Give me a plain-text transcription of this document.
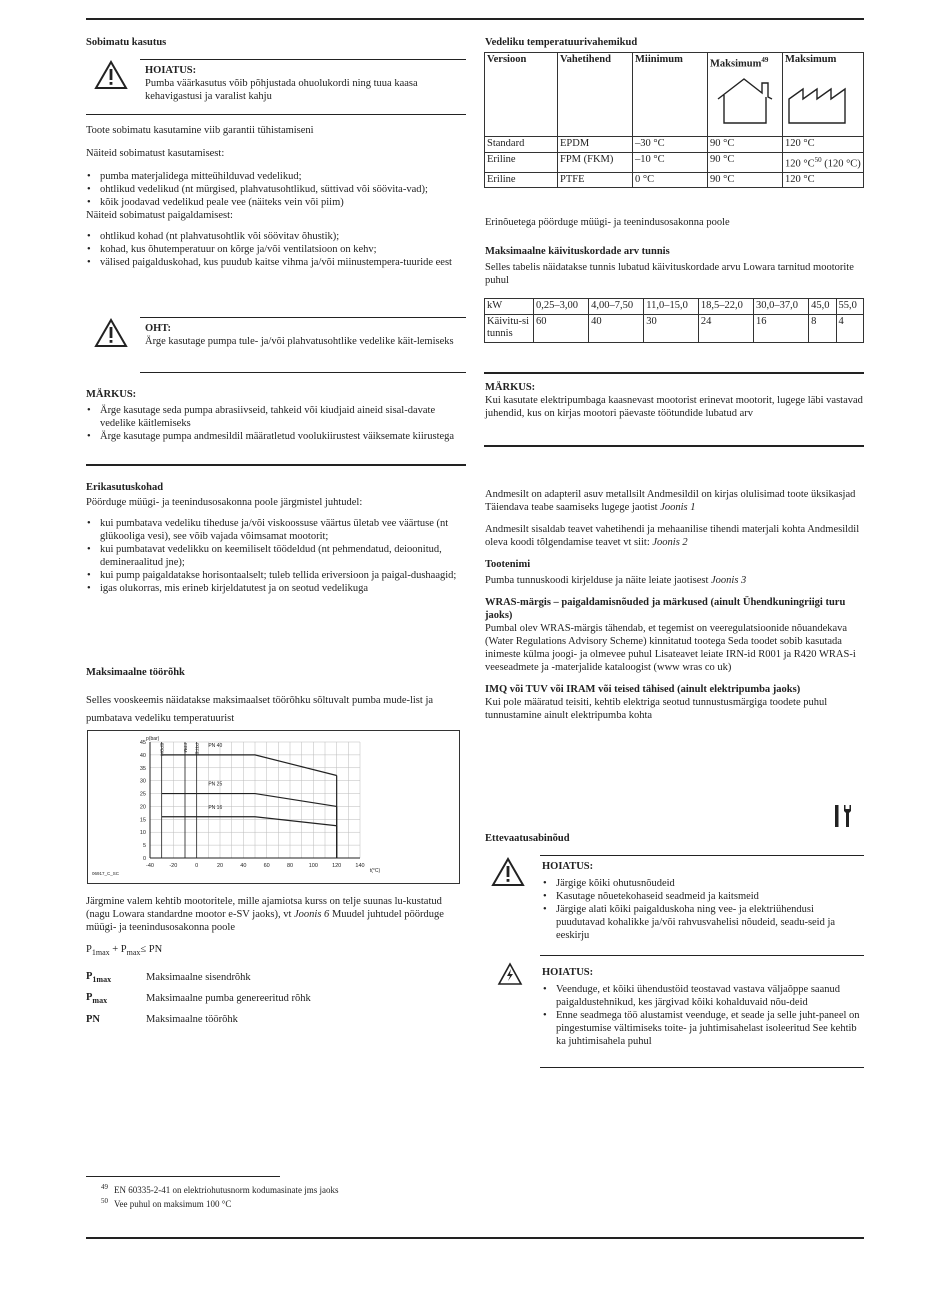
Sobimatu kasutus
HOIATUS:

Pumba väärkasutus võib põhjustada ohuolukordi ning tuua kaasa kehavigastusi ja varalist kahju

Toote sobimatu kasutamine viib garantii tühistamiseni

Näiteid sobimatust kasutamisest:

• pumba materjalidega mitteühilduvad vedelikud;
• ohtlikud vedelikud (nt mürgised, plahvatusohtlikud, süttivad või söövita-vad);
• kõik joodavad vedelikud peale vee (näiteks vein või piim)

Näiteid sobimatust paigaldamisest:

• ohtlikud kohad (nt plahvatusohtlik või söövitav õhustik);
• kohad, kus õhutemperatuur on kõrge ja/või ventilatsioon on kehv;
• välised paigalduskohad, kus puudub kaitse vihma ja/või miinustempera-tuuride eest
OHT:

Ärge kasutage pumpa tule- ja/või plahvatusohtlike vedelike käit-lemiseks

MÄRKUS:
• Ärge kasutage seda pumpa abrasiivseid, tahkeid või kiudjaid aineid sisal-davate vedelike käitlemiseks
• Ärge kasutage pumpa andmesildil määratletud voolukiirustest väiksemate kiirustega
Erikasutuskohad

Pöörduge müügi- ja teenindusosakonna poole järgmistel juhtudel:

• kui pumbatava vedeliku tiheduse ja/või viskoossuse väärtus ületab vee väärtuse (nt glükooliga vesi), see võib vajada võimsamat mootorit;
• kui pumbatavat vedelikku on keemiliselt töödeldud (nt pehmendatud, deioonitud, demineraalitud jne);
• kui pump paigaldatakse horisontaalselt; tuleb tellida eriversioon ja paigal-dushaagid;
• igas olukorras, mis erineb kirjeldatutest ja on seotud vedelikuga
Maksimaalne töörõhk

Selles vooskeemis näidatakse maksimaalset töörõhku sõltuvalt pumba mude-list ja pumbatava vedeliku temperatuurist

-40	-20	0	20	40	60	80	100	120	140
0
5
10
15
20
25
30
35
40
45
p(bar)
t(°C)
06917_C_SC
EPDM	FPM PTFE PN 40
PN 25
PN 16

Järgmine valem kehtib mootoritele, mille ajamiotsa kurss on telje suunas lu-kustatud (nagu Lowara standardne mootor e-SV jaoks), vt Joonis 6 Muudel juhtudel pöörduge müügi- ja teenindusosakonna poole

$P_{1max} + P_{max}\le$ PN

$P_{1max}$	Maksimaalne sisendrõhk
$P_{max}$	Maksimaalne pumba genereeritud rõhk
PN	Maksimaalne töörõhk
$^{49}$ EN 60335-2-41 on elektriohutusnorm kodumasinate jms jaoks
$^{50}$ Vee puhul on maksimum 100 °C
Vedeliku temperatuurivahemikud
Versioon	Vahetihend	Miinimum	Maksimum$^{49}$	Maksimum

Standard	EPDM	–30 °C	90 °C	120 °C
Eriline	FPM (FKM)	–10 °C	90 °C	120 $^\circ C^{50}$ (120 °C)
Eriline	PTFE	0 °C	90 °C	120 °C

Erinõuetega pöörduge müügi- ja teenindusosakonna poole

Maksimaalne käivituskordade arv tunnis

Selles tabelis näidatakse tunnis lubatud käivituskordade arvu Lowara tarnitud mootorite puhul

kW	0,25–3,00	4,00–7,50	11,0–15,0	18,5–22,0	30,0–37,0	45,0	55,0
Käivitu-si tunnis	60	40	30	24	16	8	4
MÄRKUS:

Kui kasutate elektripumbaga kaasnevast mootorist erinevat mootorit, lugege läbi vastavad juhendid, kus on kirjas mootori päevaste töötundide lubatud arv

Andmesilt on adapteril asuv metallsilt Andmesildil on kirjas olulisimad toote üksikasjad Täiendava teabe saamiseks lugege jaotist Joonis 1

Andmesilt sisaldab teavet vahetihendi ja mehaanilise tihendi materjali kohta Andmesildil oleva koodi tõlgendamise teavet vt siit: Joonis 2

Tootenimi

Pumba tunnuskoodi kirjelduse ja näite leiate jaotisest Joonis 3

WRAS-märgis – paigaldamisnõuded ja märkused (ainult Ühendkuningriigi turu jaoks)

Pumbal olev WRAS-märgis tähendab, et tegemist on veeregulatsioonide nõuandekava (Water Regulations Advisory Scheme) kinnitatud tootega Seda toodet sobib kasutada inimeste külma joogi- ja olmevee puhul Lisateavet leiate IRN-id R001 ja R420 WRAS-i veeseadmete ja -materjalide kataloogist (www wras co uk)

IMQ või TUV või IRAM või teised tähised (ainult elektripumba jaoks)

Kui pole määratud teisiti, kehtib elektriga seotud tunnustusmärgiga toodete puhul tunnustamine ainult elektripumba kohta

Ettevaatusabinõud
HOIATUS:
• Järgige kõiki ohutusnõudeid
• Kasutage nõuetekohaseid seadmeid ja kaitsmeid
• Järgige alati kõiki paigalduskoha ning vee- ja elektriühendusi puudutavad kohalikke ja/või rahvusvahelisi nõudeid, seadu-seid ja eeskirju
HOIATUS:
• Veenduge, et kõiki ühendustöid teostavad vastava väljaõppe saanud paigaldustehnikud, kes järgivad kõiki kohalduvaid nõu-deid
• Enne seadmega töö alustamist veenduge, et seade ja selle juht-paneel on pingestumise vältimiseks toite- ja juhtimisahelast isoleeritud See kehtib ka juhtimisahela puhul
